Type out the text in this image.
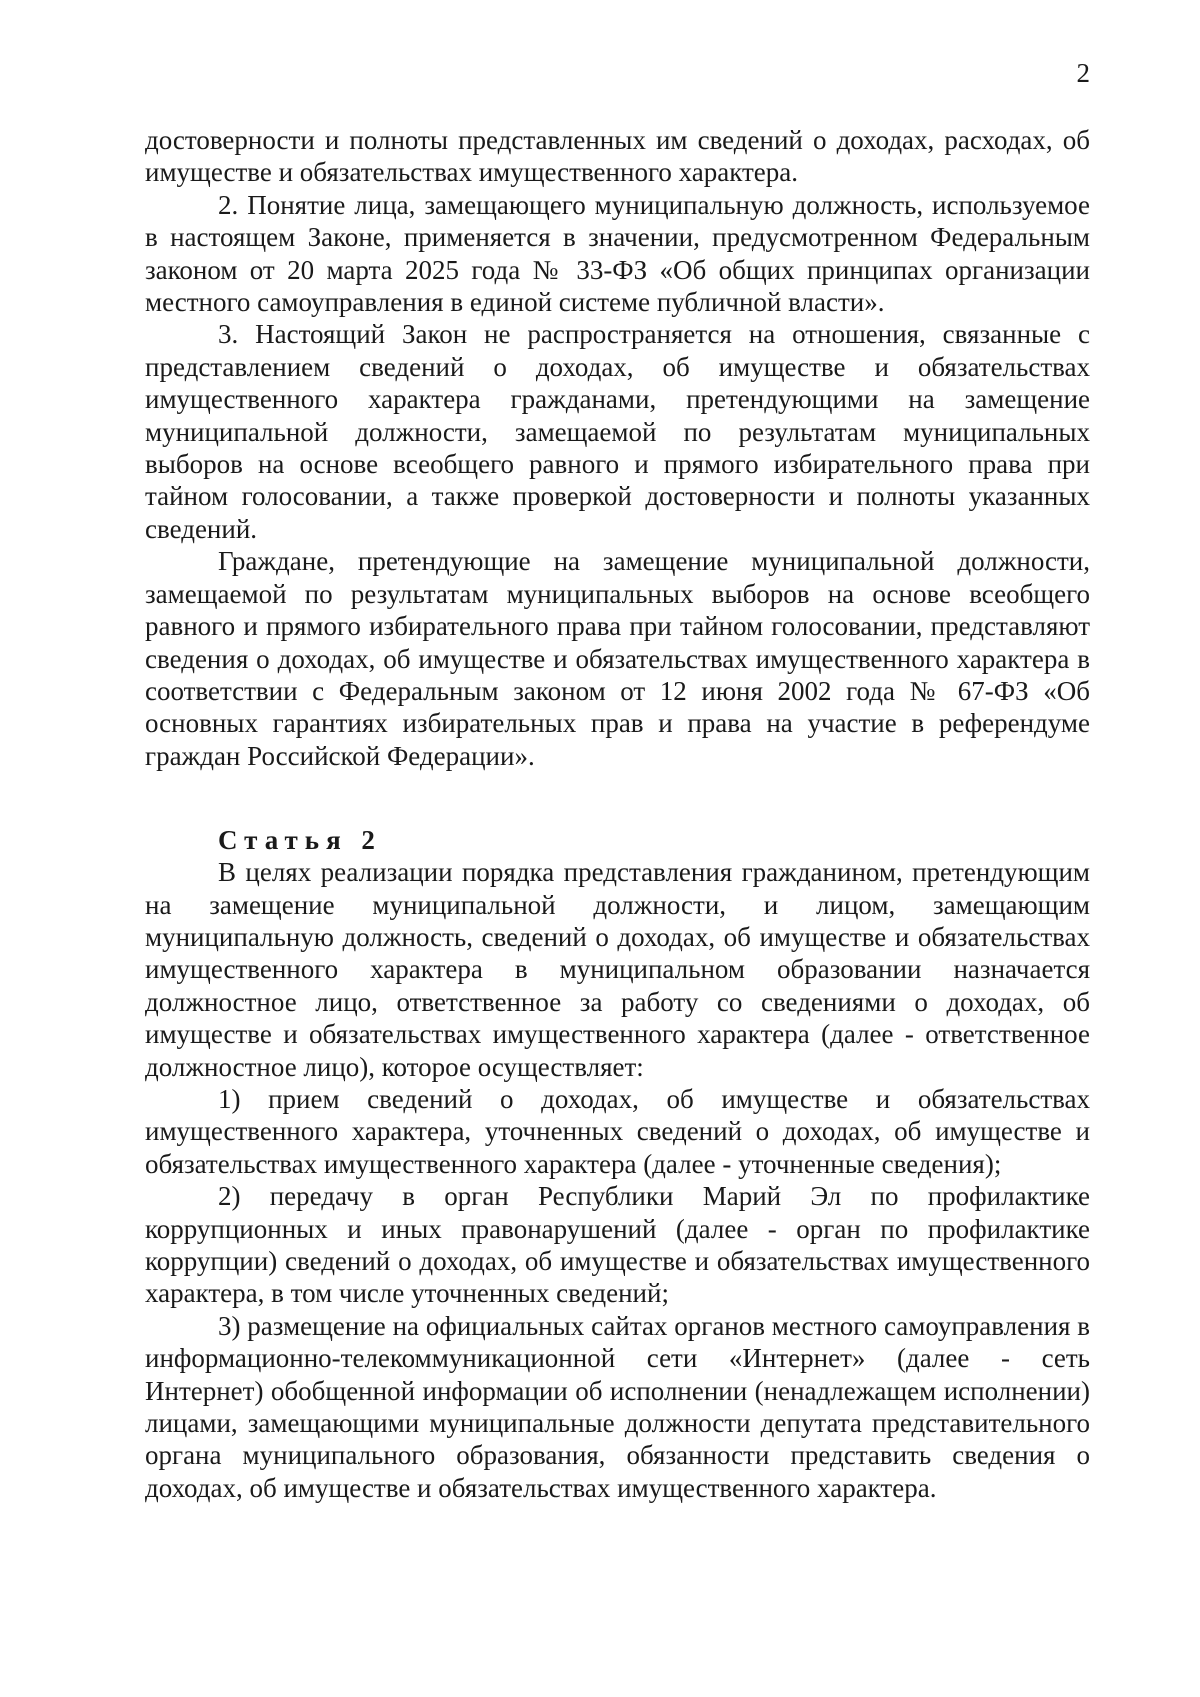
2

достоверности и полноты представленных им сведений о доходах, расходах, об имуществе и обязательствах имущественного характера.

2. Понятие лица, замещающего муниципальную должность, используемое в настоящем Законе, применяется в значении, предусмотренном Федеральным законом от 20 марта 2025 года № 33-ФЗ «Об общих принципах организации местного самоуправления в единой системе публичной власти».

3. Настоящий Закон не распространяется на отношения, связанные с представлением сведений о доходах, об имуществе и обязательствах имущественного характера гражданами, претендующими на замещение муниципальной должности, замещаемой по результатам муниципальных выборов на основе всеобщего равного и прямого избирательного права при тайном голосовании, а также проверкой достоверности и полноты указанных сведений.

Граждане, претендующие на замещение муниципальной должности, замещаемой по результатам муниципальных выборов на основе всеобщего равного и прямого избирательного права при тайном голосовании, представляют сведения о доходах, об имуществе и обязательствах имущественного характера в соответствии с Федеральным законом от 12 июня 2002 года № 67-ФЗ «Об основных гарантиях избирательных прав и права на участие в референдуме граждан Российской Федерации».

Статья 2

В целях реализации порядка представления гражданином, претендующим на замещение муниципальной должности, и лицом, замещающим муниципальную должность, сведений о доходах, об имуществе и обязательствах имущественного характера в муниципальном образовании назначается должностное лицо, ответственное за работу со сведениями о доходах, об имуществе и обязательствах имущественного характера (далее - ответственное должностное лицо), которое осуществляет:

1) прием сведений о доходах, об имуществе и обязательствах имущественного характера, уточненных сведений о доходах, об имуществе и обязательствах имущественного характера (далее - уточненные сведения);

2) передачу в орган Республики Марий Эл по профилактике коррупционных и иных правонарушений (далее - орган по профилактике коррупции) сведений о доходах, об имуществе и обязательствах имущественного характера, в том числе уточненных сведений;

3) размещение на официальных сайтах органов местного самоуправления в информационно-телекоммуникационной сети «Интернет» (далее - сеть Интернет) обобщенной информации об исполнении (ненадлежащем исполнении) лицами, замещающими муниципальные должности депутата представительного органа муниципального образования, обязанности представить сведения о доходах, об имуществе и обязательствах имущественного характера.
